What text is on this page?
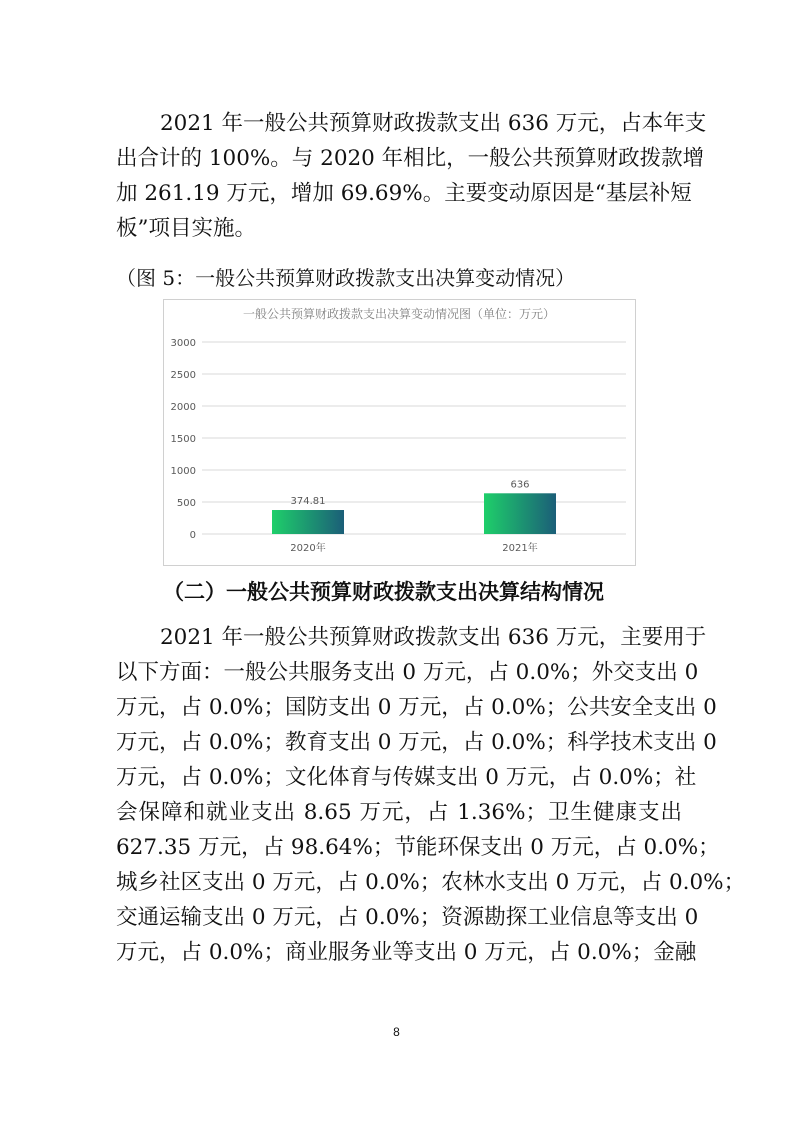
2021 年一般公共预算财政拨款支出 636 万元，占本年支
出合计的 100%。与 2020 年相比，一般公共预算财政拨款增
加 261.19 万元，增加 69.69%。主要变动原因是“基层补短
板”项目实施。
（图 5：一般公共预算财政拨款支出决算变动情况）
一般公共预算财政拨款支出决算变动情况图（单位：万元）
0
500
1000
1500
2000
2500
3000
374.81
2020年
636
2021年
（二）一般公共预算财政拨款支出决算结构情况
2021 年一般公共预算财政拨款支出 636 万元，主要用于
以下方面：一般公共服务支出 0 万元，占 0.0%；外交支出 0
万元，占 0.0%；国防支出 0 万元，占 0.0%；公共安全支出 0
万元，占 0.0%；教育支出 0 万元，占 0.0%；科学技术支出 0
万元，占 0.0%；文化体育与传媒支出 0 万元，占 0.0%；社
会保障和就业支出 8.65 万元，占 1.36%；卫生健康支出
627.35 万元，占 98.64%；节能环保支出 0 万元，占 0.0%；
城乡社区支出 0 万元，占 0.0%；农林水支出 0 万元，占 0.0%；
交通运输支出 0 万元，占 0.0%；资源勘探工业信息等支出 0
万元，占 0.0%；商业服务业等支出 0 万元，占 0.0%；金融
8
